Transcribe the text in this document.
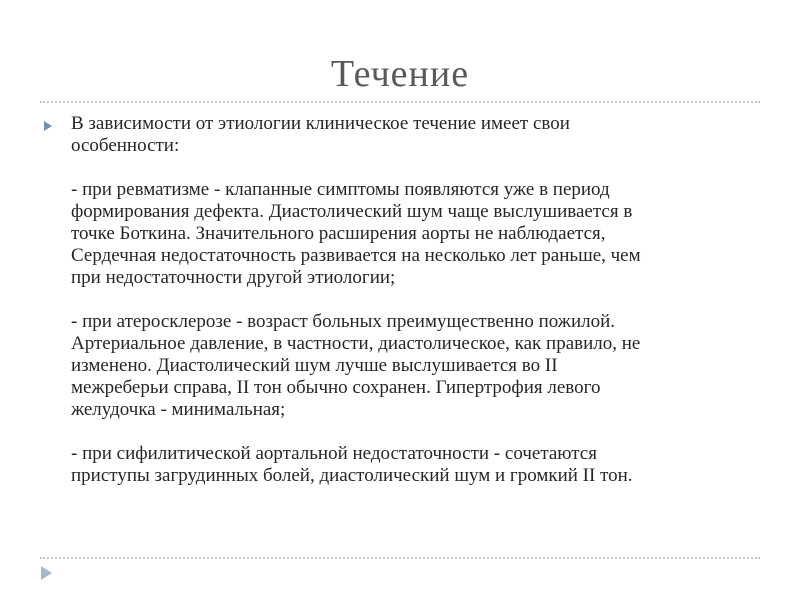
Течение
В зависимости от этиологии клиническое течение имеет свои
особенности:
- при ревматизме - клапанные симптомы появляются уже в период
формирования дефекта. Диастолический шум чаще выслушивается в
точке Боткина. Значительного расширения аорты не наблюдается,
Сердечная недостаточность развивается на несколько лет раньше, чем
при недостаточности другой этиологии;
- при атеросклерозе - возраст больных преимущественно пожилой.
Артериальное давление, в частности, диастолическое, как правило, не
изменено. Диастолический шум лучше выслушивается во II
межреберьи справа, II тон обычно сохранен. Гипертрофия левого
желудочка - минимальная;
- при сифилитической аортальной недостаточности - сочетаются
приступы загрудинных болей, диастолический шум и громкий II тон.
